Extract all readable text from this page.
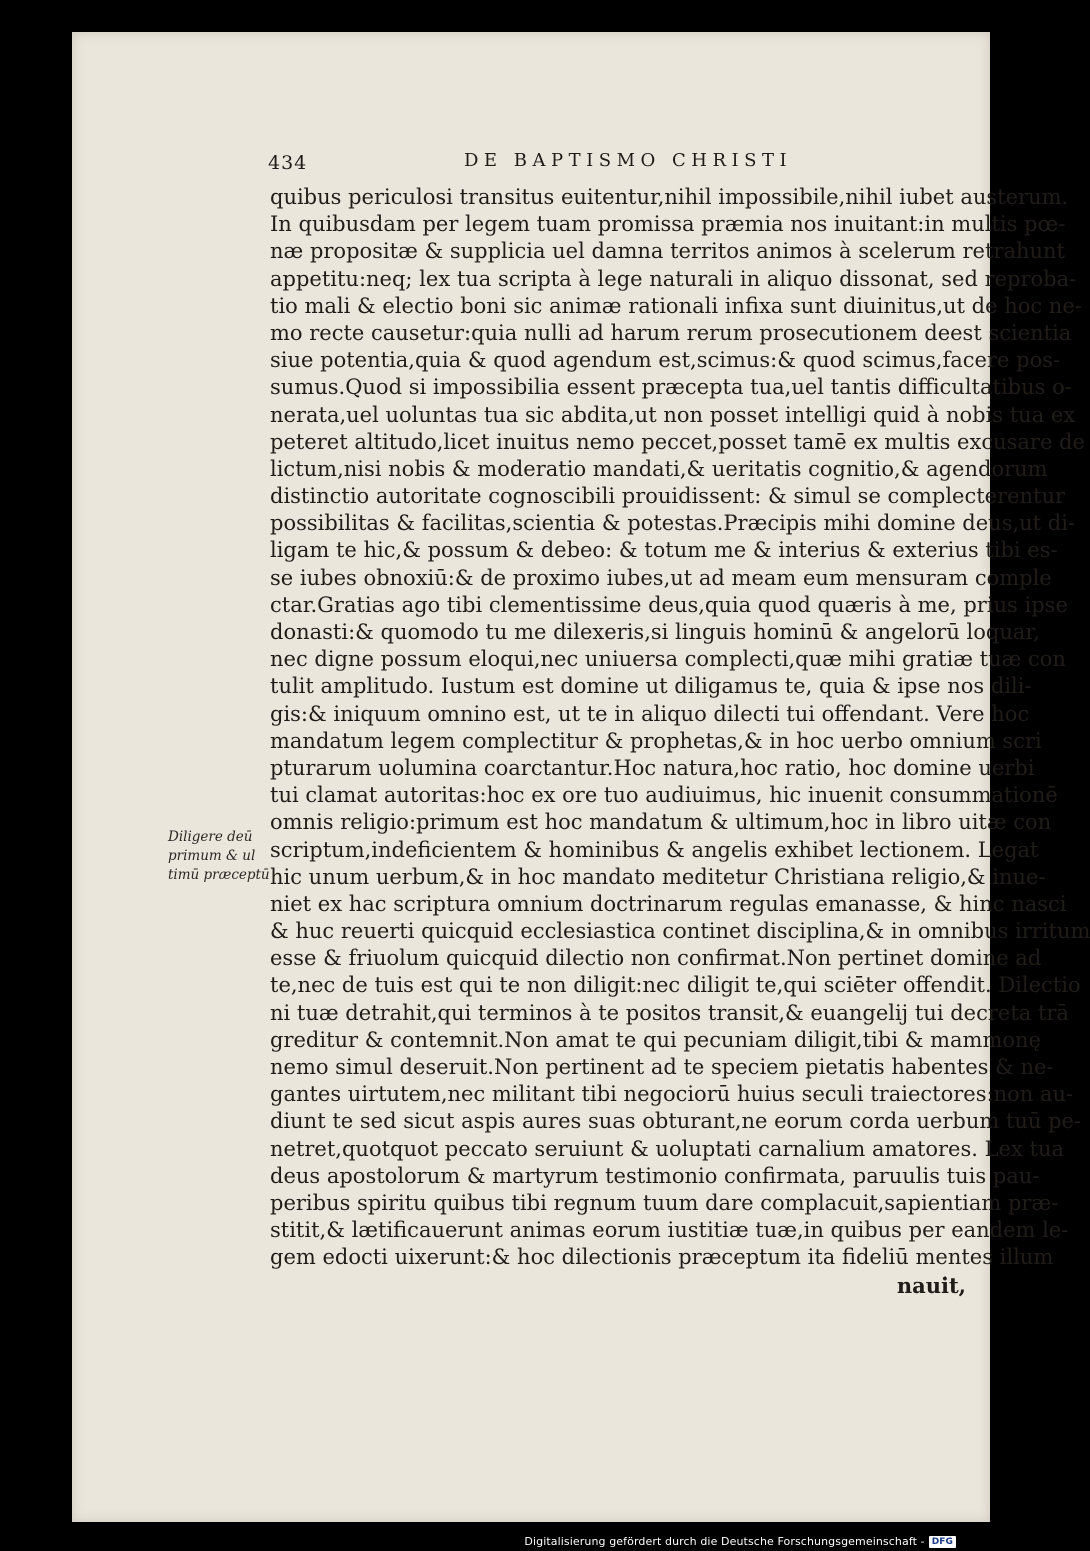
434	DE BAPTISMO CHRISTI
Diligere deū
primum & ul
timū præceptū
quibus periculosi transitus euitentur,nihil impossibile,nihil iubet austerum.
In quibusdam per legem tuam promissa præmia nos inuitant:in multis pœ-
næ propositæ & supplicia uel damna territos animos à scelerum retrahunt
appetitu:neq; lex tua scripta à lege naturali in aliquo dissonat, sed reproba-
tio mali & electio boni sic animæ rationali infixa sunt diuinitus,ut de hoc ne-
mo recte causetur:quia nulli ad harum rerum prosecutionem deest scientia
siue potentia,quia & quod agendum est,scimus:& quod scimus,facere pos-
sumus.Quod si impossibilia essent præcepta tua,uel tantis difficultatibus o-
nerata,uel uoluntas tua sic abdita,ut non posset intelligi quid à nobis tua ex
peteret altitudo,licet inuitus nemo peccet,posset tamē ex multis excusare de
lictum,nisi nobis & moderatio mandati,& ueritatis cognitio,& agendorum
distinctio autoritate cognoscibili prouidissent: & simul se complecterentur
possibilitas & facilitas,scientia & potestas.Præcipis mihi domine deus,ut di-
ligam te hic,& possum & debeo: & totum me & interius & exterius tibi es-
se iubes obnoxiū:& de proximo iubes,ut ad meam eum mensuram comple
ctar.Gratias ago tibi clementissime deus,quia quod quæris à me, prius ipse
donasti:& quomodo tu me dilexeris,si linguis hominū & angelorū loquar,
nec digne possum eloqui,nec uniuersa complecti,quæ mihi gratiæ tuæ con
tulit amplitudo. Iustum est domine ut diligamus te, quia & ipse nos dili-
gis:& iniquum omnino est, ut te in aliquo dilecti tui offendant. Vere hoc
mandatum legem complectitur & prophetas,& in hoc uerbo omnium scri
pturarum uolumina coarctantur.Hoc natura,hoc ratio, hoc domine uerbi
tui clamat autoritas:hoc ex ore tuo audiuimus, hic inuenit consummationē
omnis religio:primum est hoc mandatum & ultimum,hoc in libro uitæ con
scriptum,indeficientem & hominibus & angelis exhibet lectionem. Legat
hic unum uerbum,& in hoc mandato meditetur Christiana religio,& inue-
niet ex hac scriptura omnium doctrinarum regulas emanasse, & hinc nasci
& huc reuerti quicquid ecclesiastica continet disciplina,& in omnibus irritum
esse & friuolum quicquid dilectio non confirmat.Non pertinet domine ad
te,nec de tuis est qui te non diligit:nec diligit te,qui sciēter offendit. Dilectio
ni tuæ detrahit,qui terminos à te positos transit,& euangelij tui decreta trā
greditur & contemnit.Non amat te qui pecuniam diligit,tibi & mammonę
nemo simul deseruit.Non pertinent ad te speciem pietatis habentes & ne-
gantes uirtutem,nec militant tibi negociorū huius seculi traiectores:non au-
diunt te sed sicut aspis aures suas obturant,ne eorum corda uerbum tuū pe-
netret,quotquot peccato seruiunt & uoluptati carnalium amatores. Lex tua
deus apostolorum & martyrum testimonio confirmata, paruulis tuis pau-
peribus spiritu quibus tibi regnum tuum dare complacuit,sapientiam præ-
stitit,& lætificauerunt animas eorum iustitiæ tuæ,in quibus per eandem le-
gem edocti uixerunt:& hoc dilectionis præceptum ita fideliū mentes illum
nauit,
Digitalisierung gefördert durch die Deutsche Forschungsgemeinschaft - DFG
